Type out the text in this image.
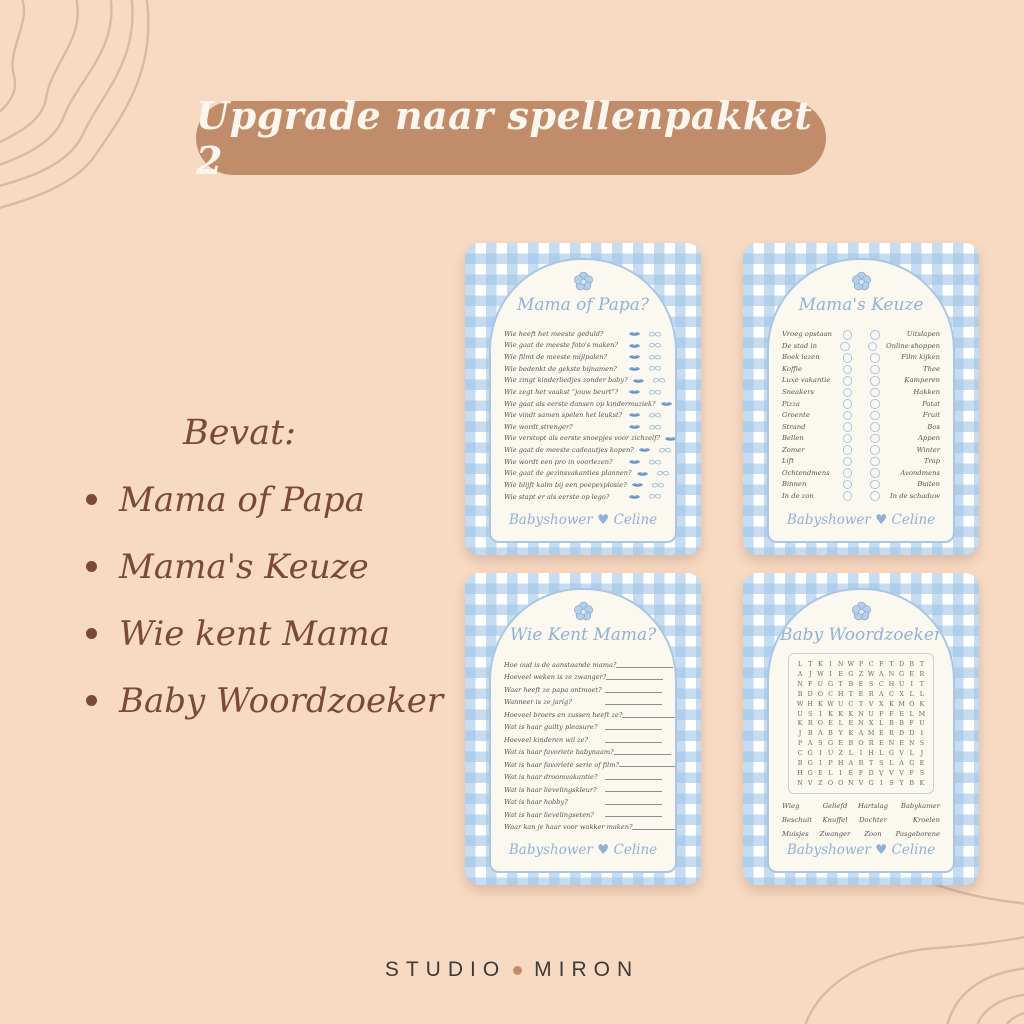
Upgrade naar spellenpakket 2
Bevat:
Mama of Papa
Mama's Keuze
Wie kent Mama
Baby Woordzoeker
Mama of Papa?
Wie heeft het meeste geduld?
Wie gaat de meeste foto's maken?
Wie filmt de meeste mijlpalen?
Wie bedenkt de gekste bijnamen?
Wie zingt kinderliedjes zonder baby?
Wie zegt het vaakst “jouw beurt”?
Wie gaat als eerste dansen op kindermuziek?
Wie vindt samen spelen het leukst?
Wie wordt strenger?
Wie verstopt als eerste snoepjes voor zichzelf?
Wie gaat de meeste cadeautjes kopen?
Wie wordt een pro in voorlezen?
Wie gaat de gezinsvakanties plannen?
Wie blijft kalm bij een poepexplosie?
Wie stapt er als eerste op lego?
Babyshower ♥ Celine
Mama's Keuze
Vroeg opstaan	Uitslapen
De stad in	Online shoppen
Boek lezen	Film kijken
Koffie	Thee
Luxe vakantie	Kamperen
Sneakers	Hakken
Pizza	Patat
Groente	Fruit
Strand	Bos
Bellen	Appen
Zomer	Winter
Lift	Trap
Ochtendmens	Avondmens
Binnen	Buiten
In de zon	In de schaduw
Babyshower ♥ Celine
Wie Kent Mama?
Hoe oud is de aanstaande mama?
Hoeveel weken is ze zwanger?
Waar heeft ze papa ontmoet?
Wanneer is ze jarig?
Hoeveel broers en zussen heeft ze?
Wat is haar guilty pleasure?
Hoeveel kinderen wil ze?
Wat is haar favoriete babynaam?
Wat is haar favoriete serie of film?
Wat is haar droomvakantie?
Wat is haar lievelingskleur?
Wat is haar hobby?
Wat is haar lievelingseten?
Waar kan je haar voor wakker maken?
Babyshower ♥ Celine
Baby Woordzoeker
L T K	I N W P C F T D B T
A	J W I	E G Z W A N G E R
N F U G T B E S C H U I	T
B D O C H T E R A C X L L
W H K W U C T V X K M O K
U S	I	K K K N U F F E L M
K R O E L E N X L B B F U
J	B A B Y K A M E R D D I
P A S G E B O R E N E N S
C G I U Z L	I H L G V L	J
B G I	P H A R T S L A G E
H G E L	I	E F D V V V F S
N V Z O O N V G I	S Y B K
Wieg	Geliefd	Hartslag	Babykamer
Beschuit	Knuffel	Dochter	Kroelen
Muisjes	Zwanger	Zoon	Pasgeborene
Babyshower ♥ Celine
STUDIO MIRON
